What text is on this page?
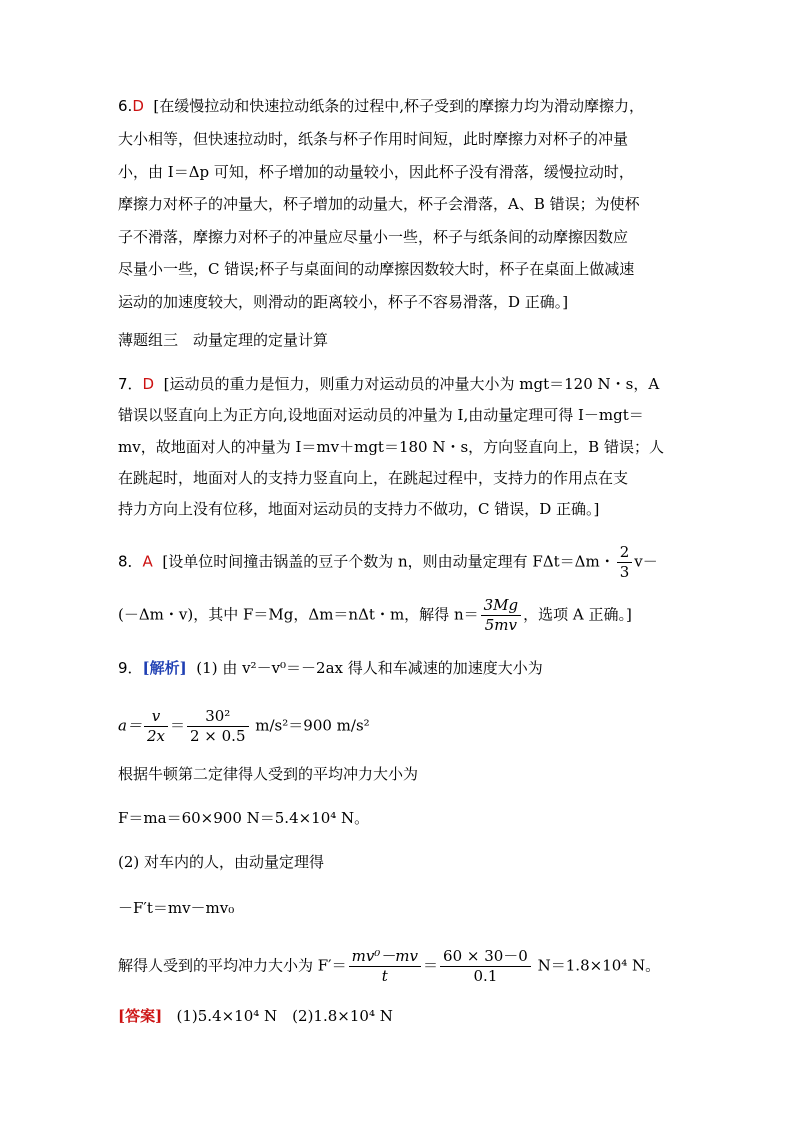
6.D [在缓慢拉动和快速拉动纸条的过程中,杯子受到的摩擦力均为滑动摩擦力，
大小相等，但快速拉动时，纸条与杯子作用时间短，此时摩擦力对杯子的冲量
小，由 I＝Δp 可知，杯子增加的动量较小，因此杯子没有滑落，缓慢拉动时，
摩擦力对杯子的冲量大，杯子增加的动量大，杯子会滑落，A、B 错误；为使杯
子不滑落，摩擦力对杯子的冲量应尽量小一些，杯子与纸条间的动摩擦因数应
尽量小一些，C 错误;杯子与桌面间的动摩擦因数较大时，杯子在桌面上做减速
运动的加速度较大，则滑动的距离较小，杯子不容易滑落，D 正确。]
薄题组三　动量定理的定量计算
7．D [运动员的重力是恒力，则重力对运动员的冲量大小为 mgt＝120 N・s，A
错误以竖直向上为正方向,设地面对运动员的冲量为 I,由动量定理可得 I－mgt＝
mv，故地面对人的冲量为 I＝mv＋mgt＝180 N・s，方向竖直向上，B 错误；人
在跳起时，地面对人的支持力竖直向上，在跳起过程中，支持力的作用点在支
持力方向上没有位移，地面对运动员的支持力不做功，C 错误，D 正确。]
8．A [设单位时间撞击锅盖的豆子个数为 n，则由动量定理有 FΔt＝Δm・ $\frac{2}{3} v-$
(－Δm・v)，其中 F＝Mg，Δm＝nΔt・m，解得 $n= \frac{3Mg}{5mv}$ ，选项 A 正确。]
9．[解析] (1) 由 v²－v⁰＝－2ax 得人和车减速的加速度大小为
$a= \frac{v}{2x} = \frac{\text{30²}}{2 \times 0.5} m/s^2=900$ m/s²
根据牛顿第二定律得人受到的平均冲力大小为
F＝ma＝60×900 N＝5.4×10⁴ N。
(2) 对车内的人，由动量定理得
－F′t＝mv－mv₀
解得人受到的平均冲力大小为 $F'= \frac{\text{mv⁰－mv}}{t} = \frac{60 \times 30-0}{0.1} N=1.8\times 10^4$ N。
[答案] (1)5.4×10⁴ N　(2)1.8×10⁴ N
